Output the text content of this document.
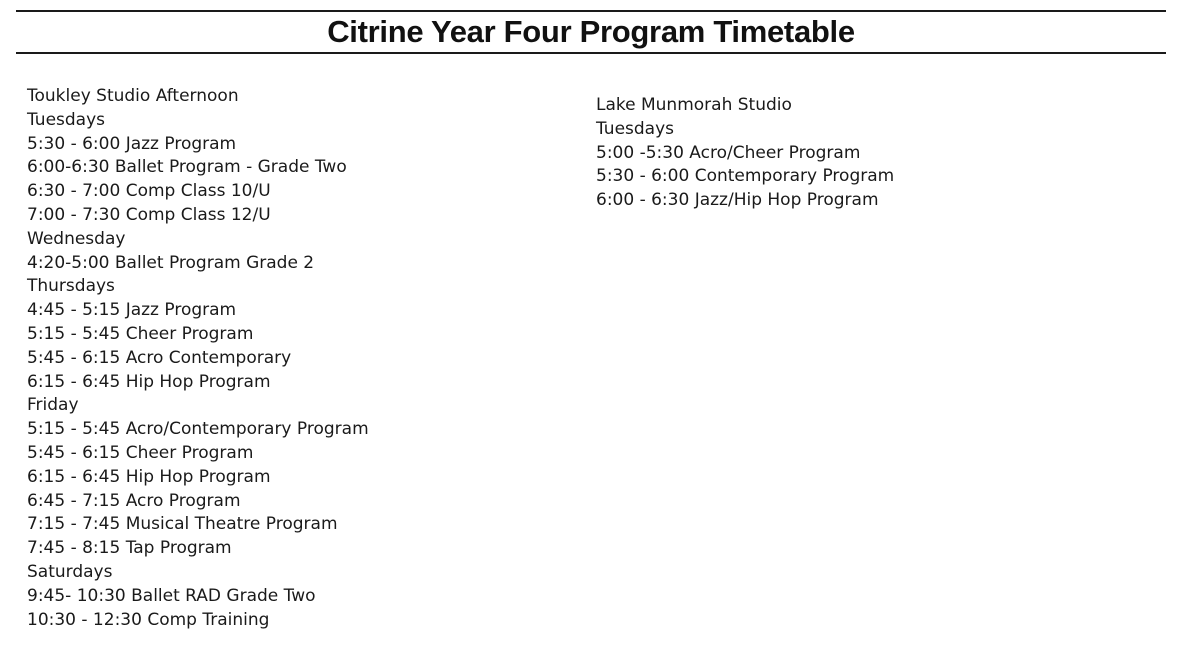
Citrine Year Four Program Timetable
Toukley Studio Afternoon
Tuesdays
5:30 - 6:00 Jazz Program
6:00-6:30 Ballet Program - Grade Two
6:30 - 7:00 Comp Class 10/U
7:00 - 7:30 Comp Class 12/U
Wednesday
4:20-5:00 Ballet Program Grade 2
Thursdays
4:45 - 5:15 Jazz Program
5:15 - 5:45 Cheer Program
5:45 - 6:15 Acro Contemporary
6:15 - 6:45 Hip Hop Program
Friday
5:15 - 5:45 Acro/Contemporary Program
5:45 - 6:15 Cheer Program
6:15 - 6:45 Hip Hop Program
6:45 - 7:15 Acro Program
7:15 - 7:45 Musical Theatre Program
7:45 - 8:15 Tap Program
Saturdays
9:45- 10:30 Ballet RAD Grade Two
10:30 - 12:30 Comp Training
Lake Munmorah Studio
Tuesdays
5:00 -5:30 Acro/Cheer Program
5:30 - 6:00 Contemporary Program
6:00 - 6:30 Jazz/Hip Hop Program
